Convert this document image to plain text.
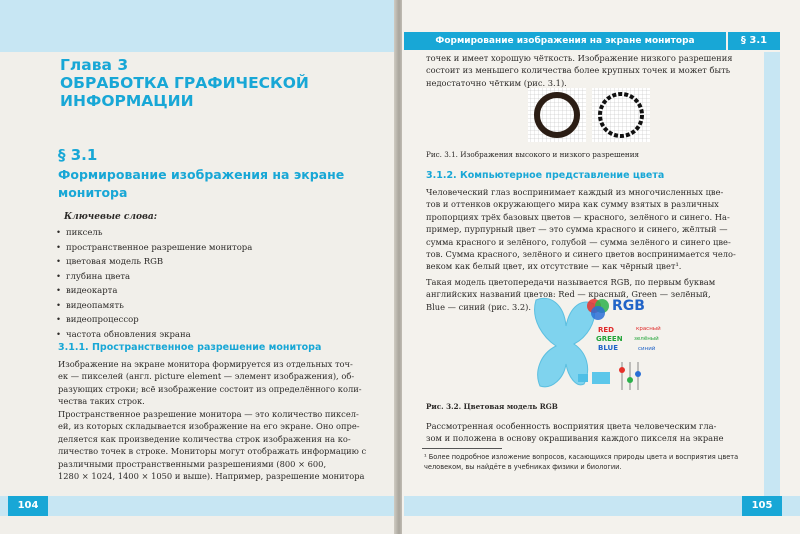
Глава 3
ОБРАБОТКА ГРАФИЧЕСКОЙ
ИНФОРМАЦИИ
§ 3.1
Формирование изображения на экране
монитора
Ключевые слова:
• пиксель
• пространственное разрешение монитора
• цветовая модель RGB
• глубина цвета
• видеокарта
• видеопамять
• видеопроцессор
• частота обновления экрана
3.1.1. Пространственное разрешение монитора
Изображение на экране монитора формируется из отдельных точ-
ек — пикселей (англ. picture element — элемент изображения), об-
разующих строки; всё изображение состоит из определённого коли-
чества таких строк.
Пространственное разрешение монитора — это количество пиксел-
ей, из которых складывается изображение на его экране. Оно опре-
деляется как произведение количества строк изображения на ко-
личество точек в строке. Мониторы могут отображать информацию с
различными пространственными разрешениями (800 × 600,
1280 × 1024, 1400 × 1050 и выше). Например, разрешение монитора
104
Формирование изображения на экране монитора	§ 3.1
точек и имеет хорошую чёткость. Изображение низкого разрешения
состоит из меньшего количества более крупных точек и может быть
недостаточно чётким (рис. 3.1).
Рис. 3.1. Изображения высокого и низкого разрешения
3.1.2. Компьютерное представление цвета
Человеческий глаз воспринимает каждый из многочисленных цве-
тов и оттенков окружающего мира как сумму взятых в различных
пропорциях трёх базовых цветов — красного, зелёного и синего. На-
пример, пурпурный цвет — это сумма красного и синего, жёлтый —
сумма красного и зелёного, голубой — сумма зелёного и синего цве-
тов. Сумма красного, зелёного и синего цветов воспринимается чело-
веком как белый цвет, их отсутствие — как чёрный цвет¹.
Такая модель цветопередачи называется RGB, по первым буквам
английских названий цветов: Red — красный, Green — зелёный,
Blue — синий (рис. 3.2).	RGB
RED
GREEN
BLUE
красный
зелёный
синий
Рис. 3.2. Цветовая модель RGB
Рассмотренная особенность восприятия цвета человеческим гла-
зом и положена в основу окрашивания каждого пикселя на экране
¹ Более подробное изложение вопросов, касающихся природы цвета и восприятия цвета человеком, вы найдёте в учебниках физики и биологии.
105
